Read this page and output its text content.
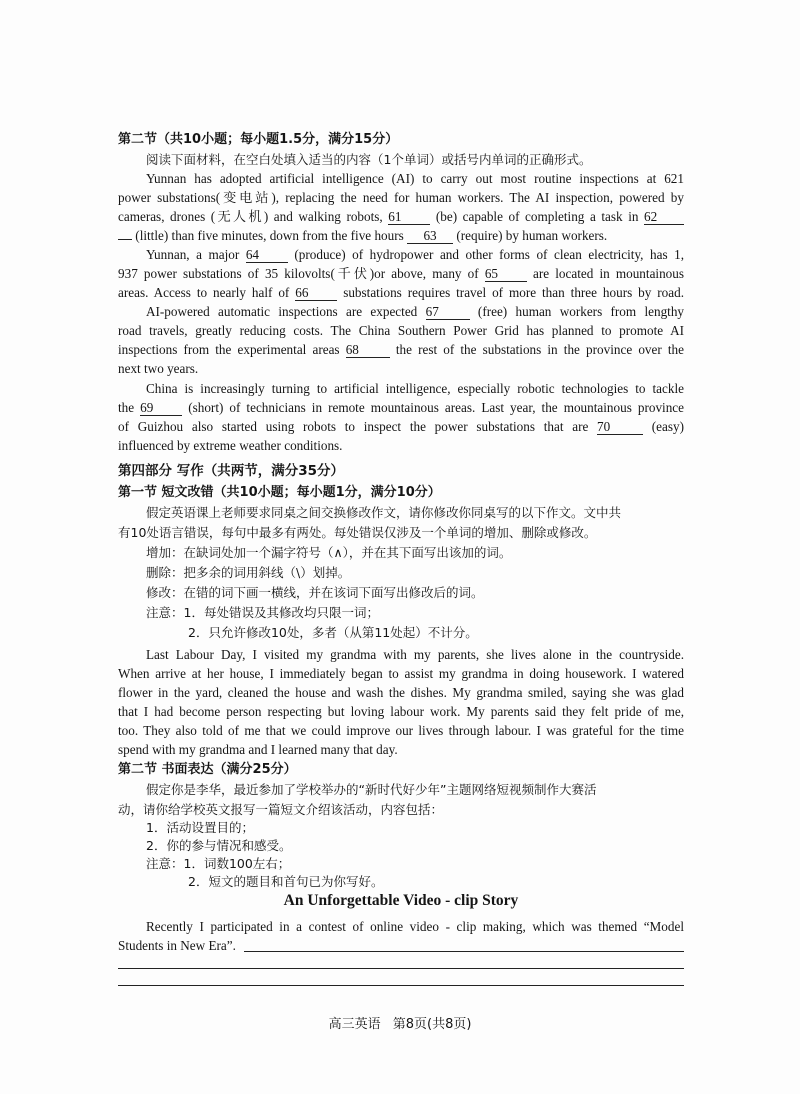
第二节（共10小题；每小题1.5分，满分15分）
阅读下面材料，在空白处填入适当的内容（1个单词）或括号内单词的正确形式。
Yunnan has adopted artificial intelligence (AI) to carry out most routine inspections at 621
power substations(变电站), replacing the need for human workers. The AI inspection, powered by
cameras, drones (无人机) and walking robots, 61	(be) capable of completing a task in 62
(little) than five minutes, down from the five hours 63 (require) by human workers.
Yunnan, a major 64	(produce) of hydropower and other forms of clean electricity, has 1,
937 power substations of 35 kilovolts(千伏)or above, many of 65	are located in mountainous
areas. Access to nearly half of 66	substations requires travel of more than three hours by road.
AI-powered automatic inspections are expected 67	(free) human workers from lengthy
road travels, greatly reducing costs. The China Southern Power Grid has planned to promote AI
inspections from the experimental areas 68	the rest of the substations in the province over the
next two years.
China is increasingly turning to artificial intelligence, especially robotic technologies to tackle
the 69	(short) of technicians in remote mountainous areas. Last year, the mountainous province
of Guizhou also started using robots to inspect the power substations that are 70	(easy)
influenced by extreme weather conditions.
第四部分 写作（共两节，满分35分）
第一节 短文改错（共10小题；每小题1分，满分10分）
假定英语课上老师要求同桌之间交换修改作文，请你修改你同桌写的以下作文。文中共
有10处语言错误，每句中最多有两处。每处错误仅涉及一个单词的增加、删除或修改。
增加：在缺词处加一个漏字符号（∧），并在其下面写出该加的词。
删除：把多余的词用斜线（\）划掉。
修改：在错的词下画一横线，并在该词下面写出修改后的词。
注意：1．每处错误及其修改均只限一词；
2．只允许修改10处，多者（从第11处起）不计分。
Last Labour Day, I visited my grandma with my parents, she lives alone in the countryside.
When arrive at her house, I immediately began to assist my grandma in doing housework. I watered
flower in the yard, cleaned the house and wash the dishes. My grandma smiled, saying she was glad
that I had become person respecting but loving labour work. My parents said they felt pride of me,
too. They also told of me that we could improve our lives through labour. I was grateful for the time
spend with my grandma and I learned many that day.
第二节 书面表达（满分25分）
假定你是李华，最近参加了学校举办的“新时代好少年”主题网络短视频制作大赛活
动，请你给学校英文报写一篇短文介绍该活动，内容包括：
1．活动设置目的；
2．你的参与情况和感受。
An Unforgettable Video - clip Story
Recently I participated in a contest of online video - clip making, which was themed “Model
Students in New Era”.
高三英语 第8页(共8页)
注意：1．词数100左右；
2．短文的题目和首句已为你写好。
